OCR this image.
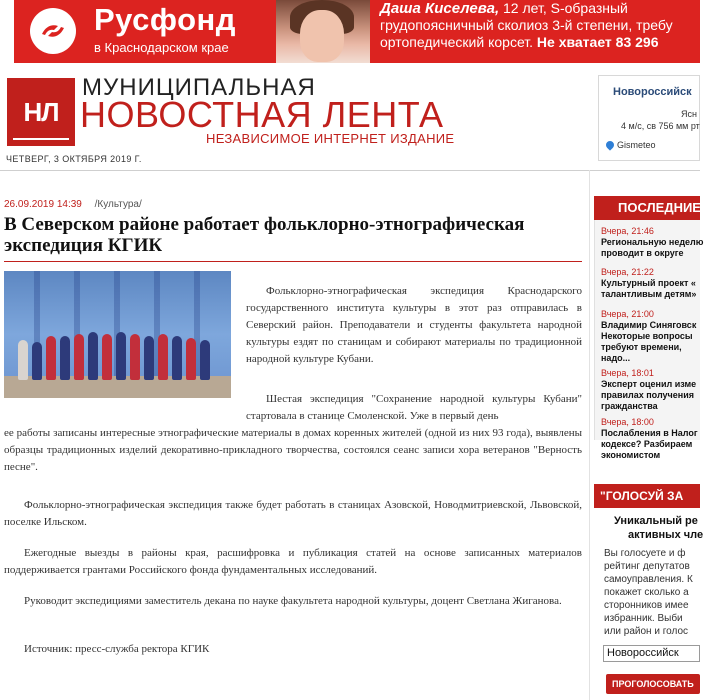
Русфонд
в Краснодарском крае
Даша Киселева, 12 лет, S-образный
грудопоясничный сколиоз 3-й степени, требу
ортопедический корсет. Не хватает 83 296
НЛ
МУНИЦИПАЛЬНАЯ
НОВОСТНАЯ ЛЕНТА
НЕЗАВИСИМОЕ ИНТЕРНЕТ ИЗДАНИЕ
ЧЕТВЕРГ, 3 ОКТЯБРЯ 2019 Г.
Новороссийск
Ясн
4 м/с, св 756 мм рт
Gismeteo
26.09.2019 14:39 /Культура/
В Северском районе работает фольклорно-этнографическая экспедиция КГИК

Фольклорно-этнографическая экспедиция Краснодарского государственного института культуры в этот раз отправилась в Северский район. Преподаватели и студенты факультета народной культуры ездят по станицам и собирают материалы по традиционной народной культуре Кубани.

Шестая экспедиция "Сохранение народной культуры Кубани" стартовала в станице Смоленской. Уже в первый день

ее работы записаны интересные этнографические материалы в домах коренных жителей (одной из них 93 года), выявлены образцы традиционных изделий декоративно-прикладного творчества, состоялся сеанс записи хора ветеранов "Верность песне".

Фольклорно-этнографическая экспедиция также будет работать в станицах Азовской, Новодмитриевской, Львовской, поселке Ильском.

Ежегодные выезды в районы края, расшифровка и публикация статей на основе записанных материалов поддерживается грантами Российского фонда фундаментальных исследований.

Руководит экспедициями заместитель декана по науке факультета народной культуры, доцент Светлана Жиганова.

Источник: пресс-служба ректора КГИК

ПОСЛЕДНИЕ
Вчера, 21:46
Региональную неделю
проводит в округе
Вчера, 21:22
Культурный проект «
талантливым детям»
Вчера, 21:00
Владимир Синяговск
Некоторые вопросы
требуют времени,
надо...
Вчера, 18:01
Эксперт оценил изме
правилах получения
гражданства
Вчера, 18:00
Послабления в Налог
кодексе? Разбираем
экономистом
"ГОЛОСУЙ ЗА
Уникальный ре
активных чле
Вы голосуете и ф
рейтинг депутатов
самоуправления. К
покажет сколько а
сторонников имее
избранник. Выби
или район и голос
Новороссийск
ПРОГОЛОСОВАТЬ
